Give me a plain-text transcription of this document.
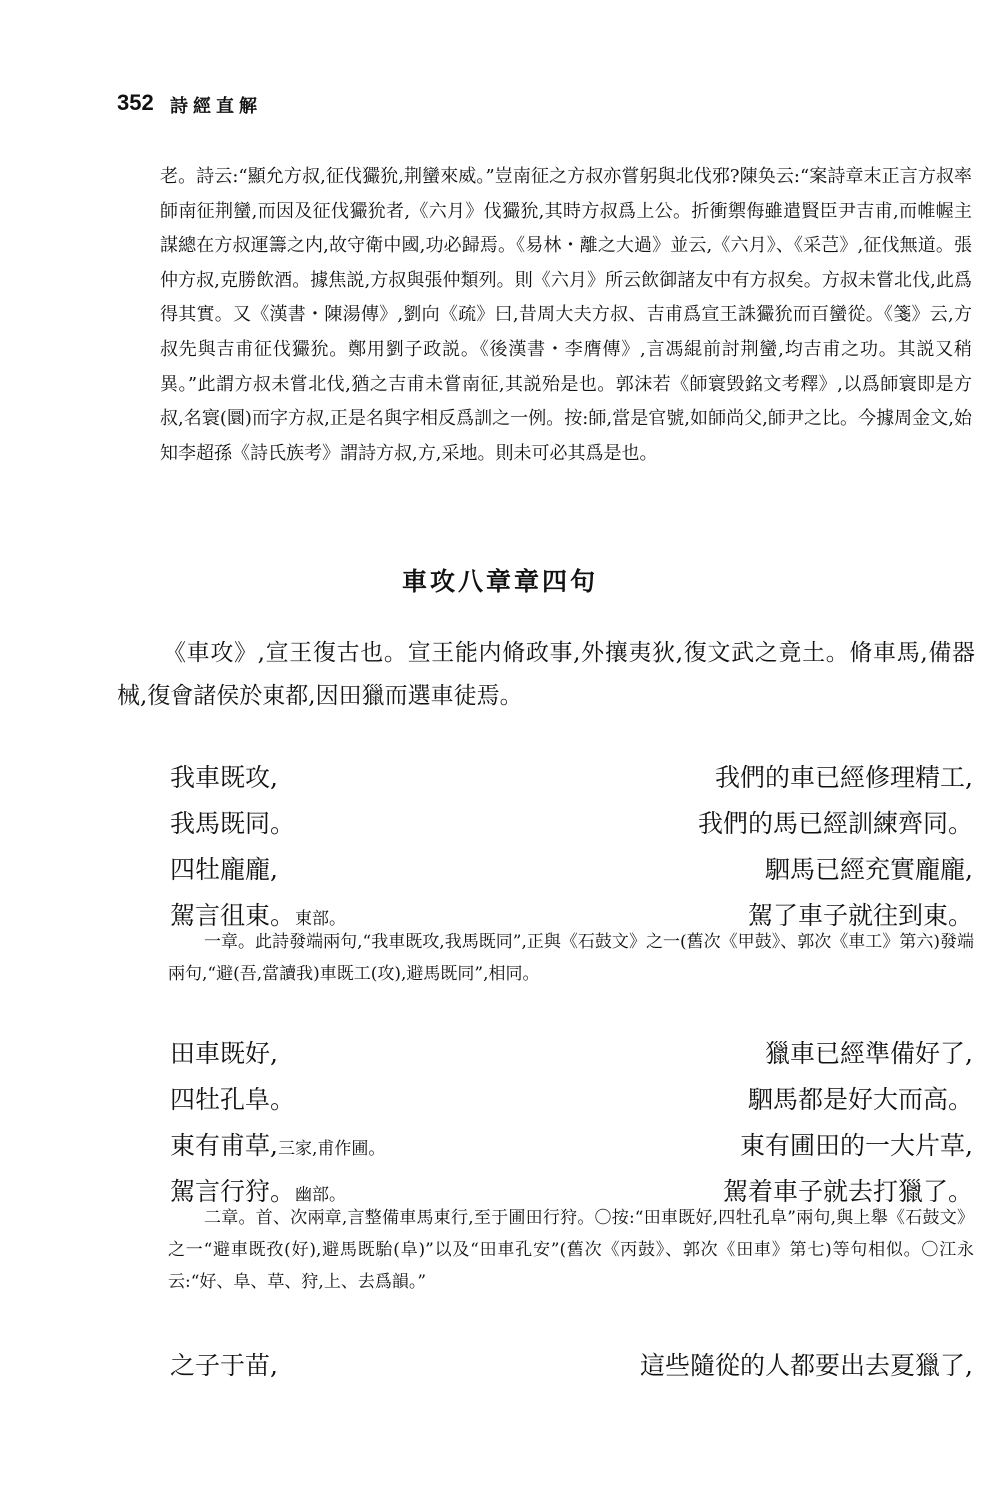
352 詩經直解

老。詩云:“顯允方叔,征伐玁狁,荆蠻來威。”豈南征之方叔亦嘗躬與北伐邪?陳奂云:“案詩章末正言方叔率師南征荆蠻,而因及征伐玁狁者,《六月》伐玁狁,其時方叔爲上公。折衝禦侮雖遣賢臣尹吉甫,而帷幄主謀總在方叔運籌之内,故守衛中國,功必歸焉。《易林・離之大過》並云,《六月》、《采芑》,征伐無道。張仲方叔,克勝飲酒。據焦説,方叔與張仲類列。則《六月》所云飲御諸友中有方叔矣。方叔未嘗北伐,此爲得其實。又《漢書・陳湯傳》,劉向《疏》曰,昔周大夫方叔、吉甫爲宣王誅玁狁而百蠻從。《箋》云,方叔先與吉甫征伐玁狁。鄭用劉子政説。《後漢書・李膺傳》,言馮緄前討荆蠻,均吉甫之功。其説又稍異。”此謂方叔未嘗北伐,猶之吉甫未嘗南征,其説殆是也。郭沫若《師寰毁銘文考釋》,以爲師寰即是方叔,名寰(圜)而字方叔,正是名與字相反爲訓之一例。按:師,當是官號,如師尚父,師尹之比。今據周金文,始知李超孫《詩氏族考》謂詩方叔,方,采地。則未可必其爲是也。

車攻八章章四句

《車攻》,宣王復古也。宣王能内脩政事,外攘夷狄,復文武之竟土。脩車馬,備器械,復會諸侯於東都,因田獵而選車徒焉。

我車既攻,	我們的車已經修理精工,
我馬既同。	我們的馬已經訓練齊同。
四牡龐龐,	駟馬已經充實龐龐,
駕言徂東。東部。	駕了車子就往到東。

一章。此詩發端兩句,“我車既攻,我馬既同”,正與《石鼓文》之一(舊次《甲鼓》、郭次《車工》第六)發端兩句,“避(吾,當讀我)車既工(攻),避馬既同”,相同。

田車既好,	獵車已經準備好了,
四牡孔阜。	駟馬都是好大而高。
東有甫草,三家,甫作圃。	東有圃田的一大片草,
駕言行狩。幽部。	駕着車子就去打獵了。

二章。首、次兩章,言整備車馬東行,至于圃田行狩。〇按:“田車既好,四牡孔阜”兩句,與上舉《石鼓文》之一“避車既孜(好),避馬既駘(阜)”以及“田車孔安”(舊次《丙鼓》、郭次《田車》第七)等句相似。〇江永云:“好、阜、草、狩,上、去爲韻。”

之子于苗,	這些隨從的人都要出去夏獵了,
